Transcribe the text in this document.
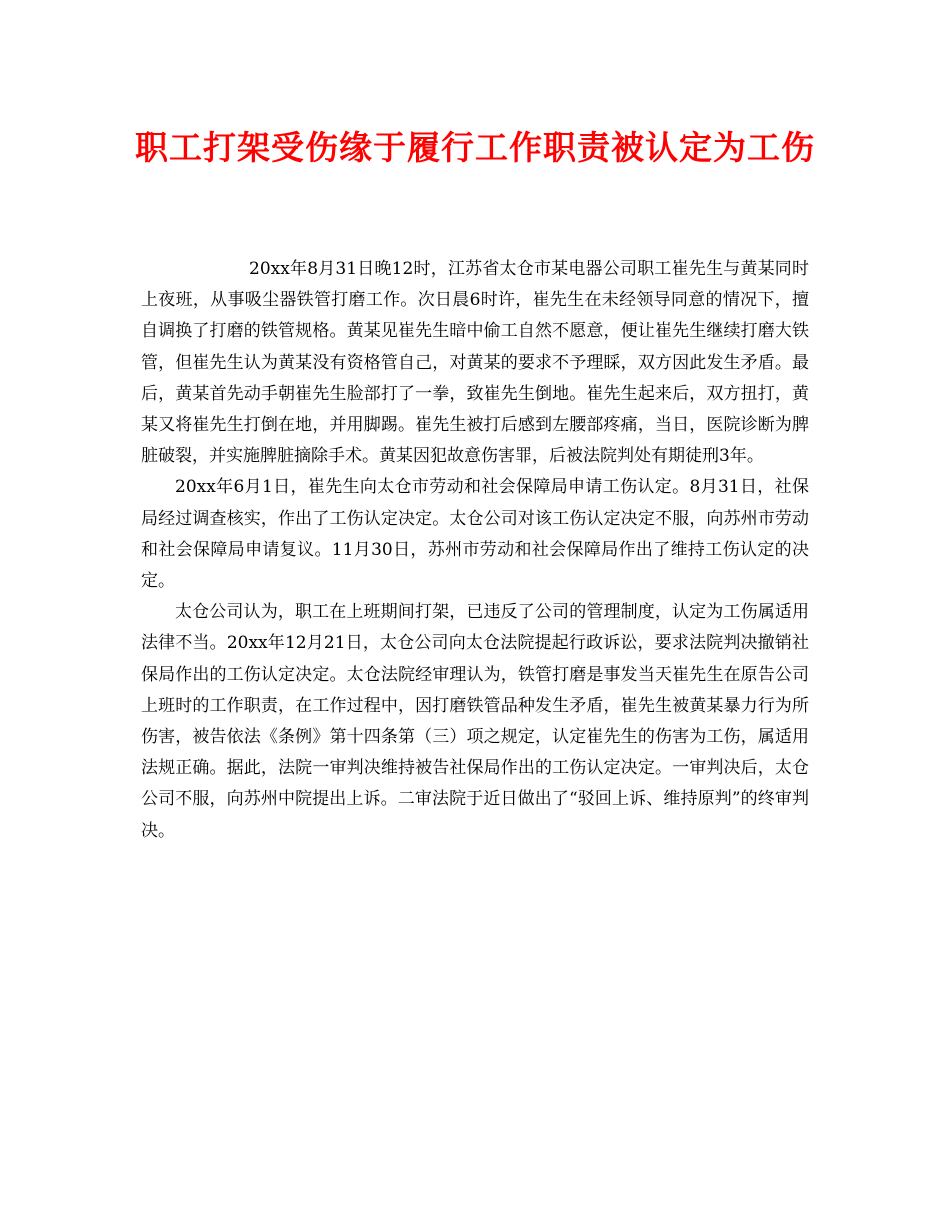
职工打架受伤缘于履行工作职责被认定为工伤

20xx年8月31日晚12时，江苏省太仓市某电器公司职工崔先生与黄某同时上夜班，从事吸尘器铁管打磨工作。次日晨6时许，崔先生在未经领导同意的情况下，擅自调换了打磨的铁管规格。黄某见崔先生暗中偷工自然不愿意，便让崔先生继续打磨大铁管，但崔先生认为黄某没有资格管自己，对黄某的要求不予理睬，双方因此发生矛盾。最后，黄某首先动手朝崔先生脸部打了一拳，致崔先生倒地。崔先生起来后，双方扭打，黄某又将崔先生打倒在地，并用脚踢。崔先生被打后感到左腰部疼痛，当日，医院诊断为脾脏破裂，并实施脾脏摘除手术。黄某因犯故意伤害罪，后被法院判处有期徒刑3年。

20xx年6月1日，崔先生向太仓市劳动和社会保障局申请工伤认定。8月31日，社保局经过调查核实，作出了工伤认定决定。太仓公司对该工伤认定决定不服，向苏州市劳动和社会保障局申请复议。11月30日，苏州市劳动和社会保障局作出了维持工伤认定的决定。

太仓公司认为，职工在上班期间打架，已违反了公司的管理制度，认定为工伤属适用法律不当。20xx年12月21日，太仓公司向太仓法院提起行政诉讼，要求法院判决撤销社保局作出的工伤认定决定。太仓法院经审理认为，铁管打磨是事发当天崔先生在原告公司上班时的工作职责，在工作过程中，因打磨铁管品种发生矛盾，崔先生被黄某暴力行为所伤害，被告依法《条例》第十四条第（三）项之规定，认定崔先生的伤害为工伤，属适用法规正确。据此，法院一审判决维持被告社保局作出的工伤认定决定。一审判决后，太仓公司不服，向苏州中院提出上诉。二审法院于近日做出了“驳回上诉、维持原判”的终审判决。
